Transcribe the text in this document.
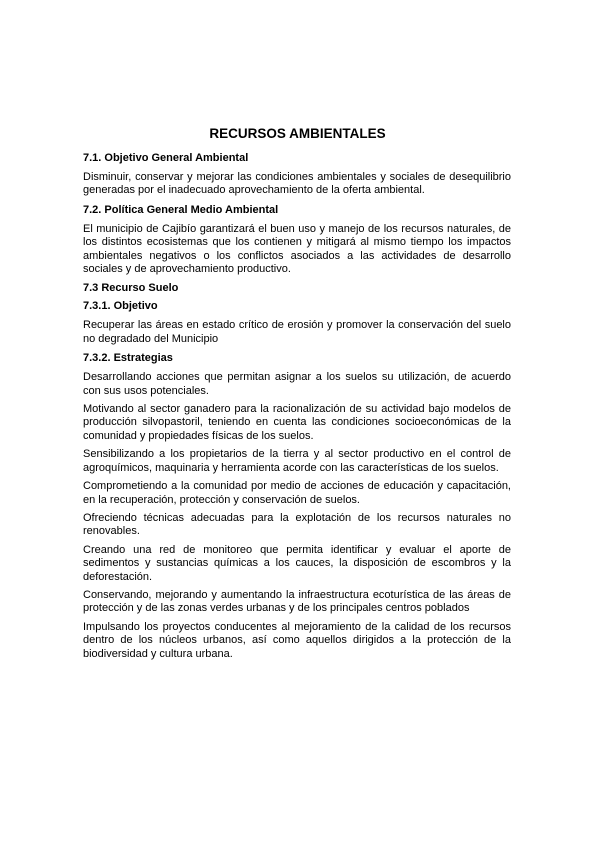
RECURSOS AMBIENTALES
7.1. Objetivo General Ambiental
Disminuir, conservar y mejorar las condiciones ambientales y sociales de desequilibrio generadas por el inadecuado aprovechamiento de la oferta ambiental.
7.2. Política General Medio Ambiental
El municipio de Cajibío garantizará el buen uso y manejo de los recursos naturales, de los distintos ecosistemas que los contienen y mitigará al mismo tiempo los impactos ambientales negativos o los conflictos asociados a las actividades de desarrollo sociales y de aprovechamiento productivo.
7.3 Recurso Suelo
7.3.1. Objetivo
Recuperar las áreas en estado crítico de erosión y promover la conservación del suelo no degradado del Municipio
7.3.2. Estrategias
Desarrollando acciones que permitan asignar a los suelos su utilización, de acuerdo con sus usos potenciales.
Motivando al sector ganadero para la racionalización de su actividad bajo modelos de producción silvopastoril, teniendo en cuenta las condiciones socioeconómicas de la comunidad y propiedades físicas de los suelos.
Sensibilizando a los propietarios de la tierra y al sector productivo en el control de agroquímicos, maquinaria y herramienta acorde con las características de los suelos.
Comprometiendo a la comunidad por medio de acciones de educación y capacitación, en la recuperación, protección y conservación de suelos.
Ofreciendo técnicas adecuadas para la explotación de los recursos naturales no renovables.
Creando una red de monitoreo que permita identificar y evaluar el aporte de sedimentos y sustancias químicas a los cauces, la disposición de escombros y la deforestación.
Conservando, mejorando y aumentando la infraestructura ecoturística de las áreas de protección y de las zonas verdes urbanas y de los principales centros poblados
Impulsando los proyectos conducentes al mejoramiento de la calidad de los recursos dentro de los núcleos urbanos, así como aquellos dirigidos a la protección de la biodiversidad y cultura urbana.
